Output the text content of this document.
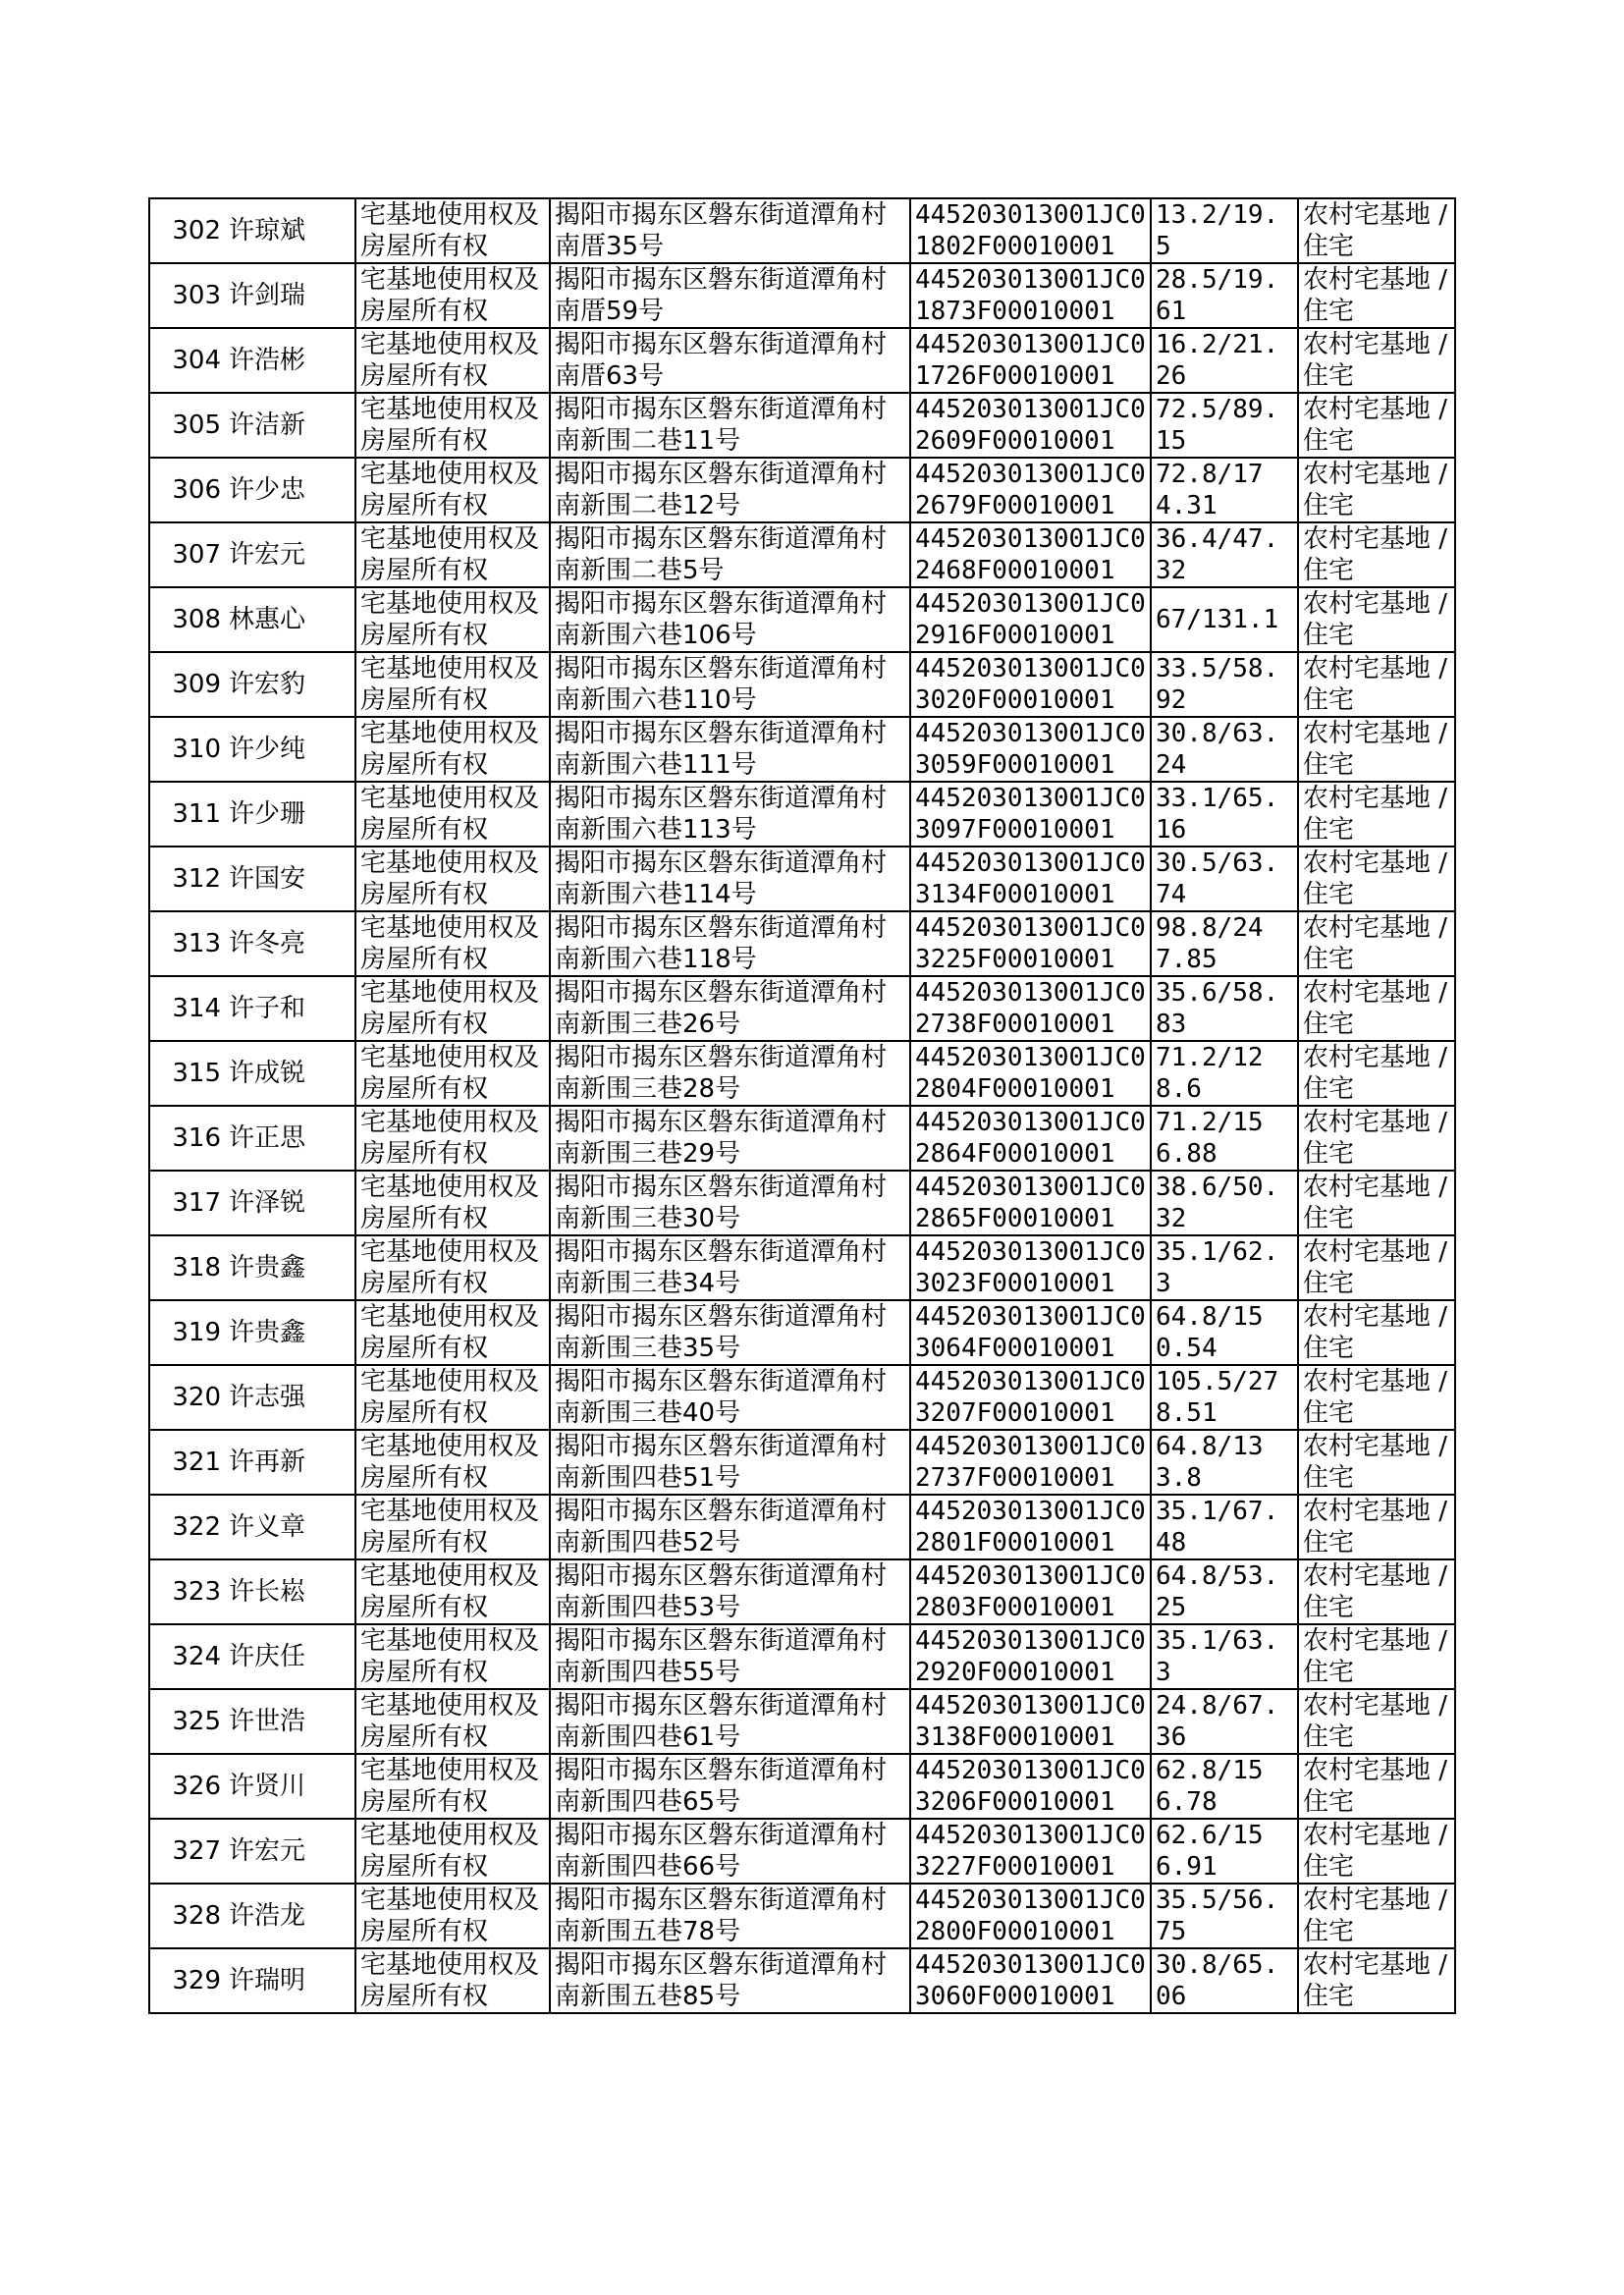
302	许琼斌	宅基地使用权及房屋所有权	揭阳市揭东区磐东街道潭角村南厝35号	445203013001JC01802F00010001	13.2/19.5	农村宅基地 / 住宅
303	许剑瑞	宅基地使用权及房屋所有权	揭阳市揭东区磐东街道潭角村南厝59号	445203013001JC01873F00010001	28.5/19.61	农村宅基地 / 住宅
304	许浩彬	宅基地使用权及房屋所有权	揭阳市揭东区磐东街道潭角村南厝63号	445203013001JC01726F00010001	16.2/21.26	农村宅基地 / 住宅
305	许洁新	宅基地使用权及房屋所有权	揭阳市揭东区磐东街道潭角村南新围二巷11号	445203013001JC02609F00010001	72.5/89.15	农村宅基地 / 住宅
306	许少忠	宅基地使用权及房屋所有权	揭阳市揭东区磐东街道潭角村南新围二巷12号	445203013001JC02679F00010001	72.8/174.31	农村宅基地 / 住宅
307	许宏元	宅基地使用权及房屋所有权	揭阳市揭东区磐东街道潭角村南新围二巷5号	445203013001JC02468F00010001	36.4/47.32	农村宅基地 / 住宅
308	林惠心	宅基地使用权及房屋所有权	揭阳市揭东区磐东街道潭角村南新围六巷106号	445203013001JC02916F00010001	67/131.1	农村宅基地 / 住宅
309	许宏豹	宅基地使用权及房屋所有权	揭阳市揭东区磐东街道潭角村南新围六巷110号	445203013001JC03020F00010001	33.5/58.92	农村宅基地 / 住宅
310	许少纯	宅基地使用权及房屋所有权	揭阳市揭东区磐东街道潭角村南新围六巷111号	445203013001JC03059F00010001	30.8/63.24	农村宅基地 / 住宅
311	许少珊	宅基地使用权及房屋所有权	揭阳市揭东区磐东街道潭角村南新围六巷113号	445203013001JC03097F00010001	33.1/65.16	农村宅基地 / 住宅
312	许国安	宅基地使用权及房屋所有权	揭阳市揭东区磐东街道潭角村南新围六巷114号	445203013001JC03134F00010001	30.5/63.74	农村宅基地 / 住宅
313	许冬亮	宅基地使用权及房屋所有权	揭阳市揭东区磐东街道潭角村南新围六巷118号	445203013001JC03225F00010001	98.8/247.85	农村宅基地 / 住宅
314	许子和	宅基地使用权及房屋所有权	揭阳市揭东区磐东街道潭角村南新围三巷26号	445203013001JC02738F00010001	35.6/58.83	农村宅基地 / 住宅
315	许成锐	宅基地使用权及房屋所有权	揭阳市揭东区磐东街道潭角村南新围三巷28号	445203013001JC02804F00010001	71.2/128.6	农村宅基地 / 住宅
316	许正思	宅基地使用权及房屋所有权	揭阳市揭东区磐东街道潭角村南新围三巷29号	445203013001JC02864F00010001	71.2/156.88	农村宅基地 / 住宅
317	许泽锐	宅基地使用权及房屋所有权	揭阳市揭东区磐东街道潭角村南新围三巷30号	445203013001JC02865F00010001	38.6/50.32	农村宅基地 / 住宅
318	许贵鑫	宅基地使用权及房屋所有权	揭阳市揭东区磐东街道潭角村南新围三巷34号	445203013001JC03023F00010001	35.1/62.3	农村宅基地 / 住宅
319	许贵鑫	宅基地使用权及房屋所有权	揭阳市揭东区磐东街道潭角村南新围三巷35号	445203013001JC03064F00010001	64.8/150.54	农村宅基地 / 住宅
320	许志强	宅基地使用权及房屋所有权	揭阳市揭东区磐东街道潭角村南新围三巷40号	445203013001JC03207F00010001	105.5/278.51	农村宅基地 / 住宅
321	许再新	宅基地使用权及房屋所有权	揭阳市揭东区磐东街道潭角村南新围四巷51号	445203013001JC02737F00010001	64.8/133.8	农村宅基地 / 住宅
322	许义章	宅基地使用权及房屋所有权	揭阳市揭东区磐东街道潭角村南新围四巷52号	445203013001JC02801F00010001	35.1/67.48	农村宅基地 / 住宅
323	许长崧	宅基地使用权及房屋所有权	揭阳市揭东区磐东街道潭角村南新围四巷53号	445203013001JC02803F00010001	64.8/53.25	农村宅基地 / 住宅
324	许庆任	宅基地使用权及房屋所有权	揭阳市揭东区磐东街道潭角村南新围四巷55号	445203013001JC02920F00010001	35.1/63.3	农村宅基地 / 住宅
325	许世浩	宅基地使用权及房屋所有权	揭阳市揭东区磐东街道潭角村南新围四巷61号	445203013001JC03138F00010001	24.8/67.36	农村宅基地 / 住宅
326	许贤川	宅基地使用权及房屋所有权	揭阳市揭东区磐东街道潭角村南新围四巷65号	445203013001JC03206F00010001	62.8/156.78	农村宅基地 / 住宅
327	许宏元	宅基地使用权及房屋所有权	揭阳市揭东区磐东街道潭角村南新围四巷66号	445203013001JC03227F00010001	62.6/156.91	农村宅基地 / 住宅
328	许浩龙	宅基地使用权及房屋所有权	揭阳市揭东区磐东街道潭角村南新围五巷78号	445203013001JC02800F00010001	35.5/56.75	农村宅基地 / 住宅
329	许瑞明	宅基地使用权及房屋所有权	揭阳市揭东区磐东街道潭角村南新围五巷85号	445203013001JC03060F00010001	30.8/65.06	农村宅基地 / 住宅
